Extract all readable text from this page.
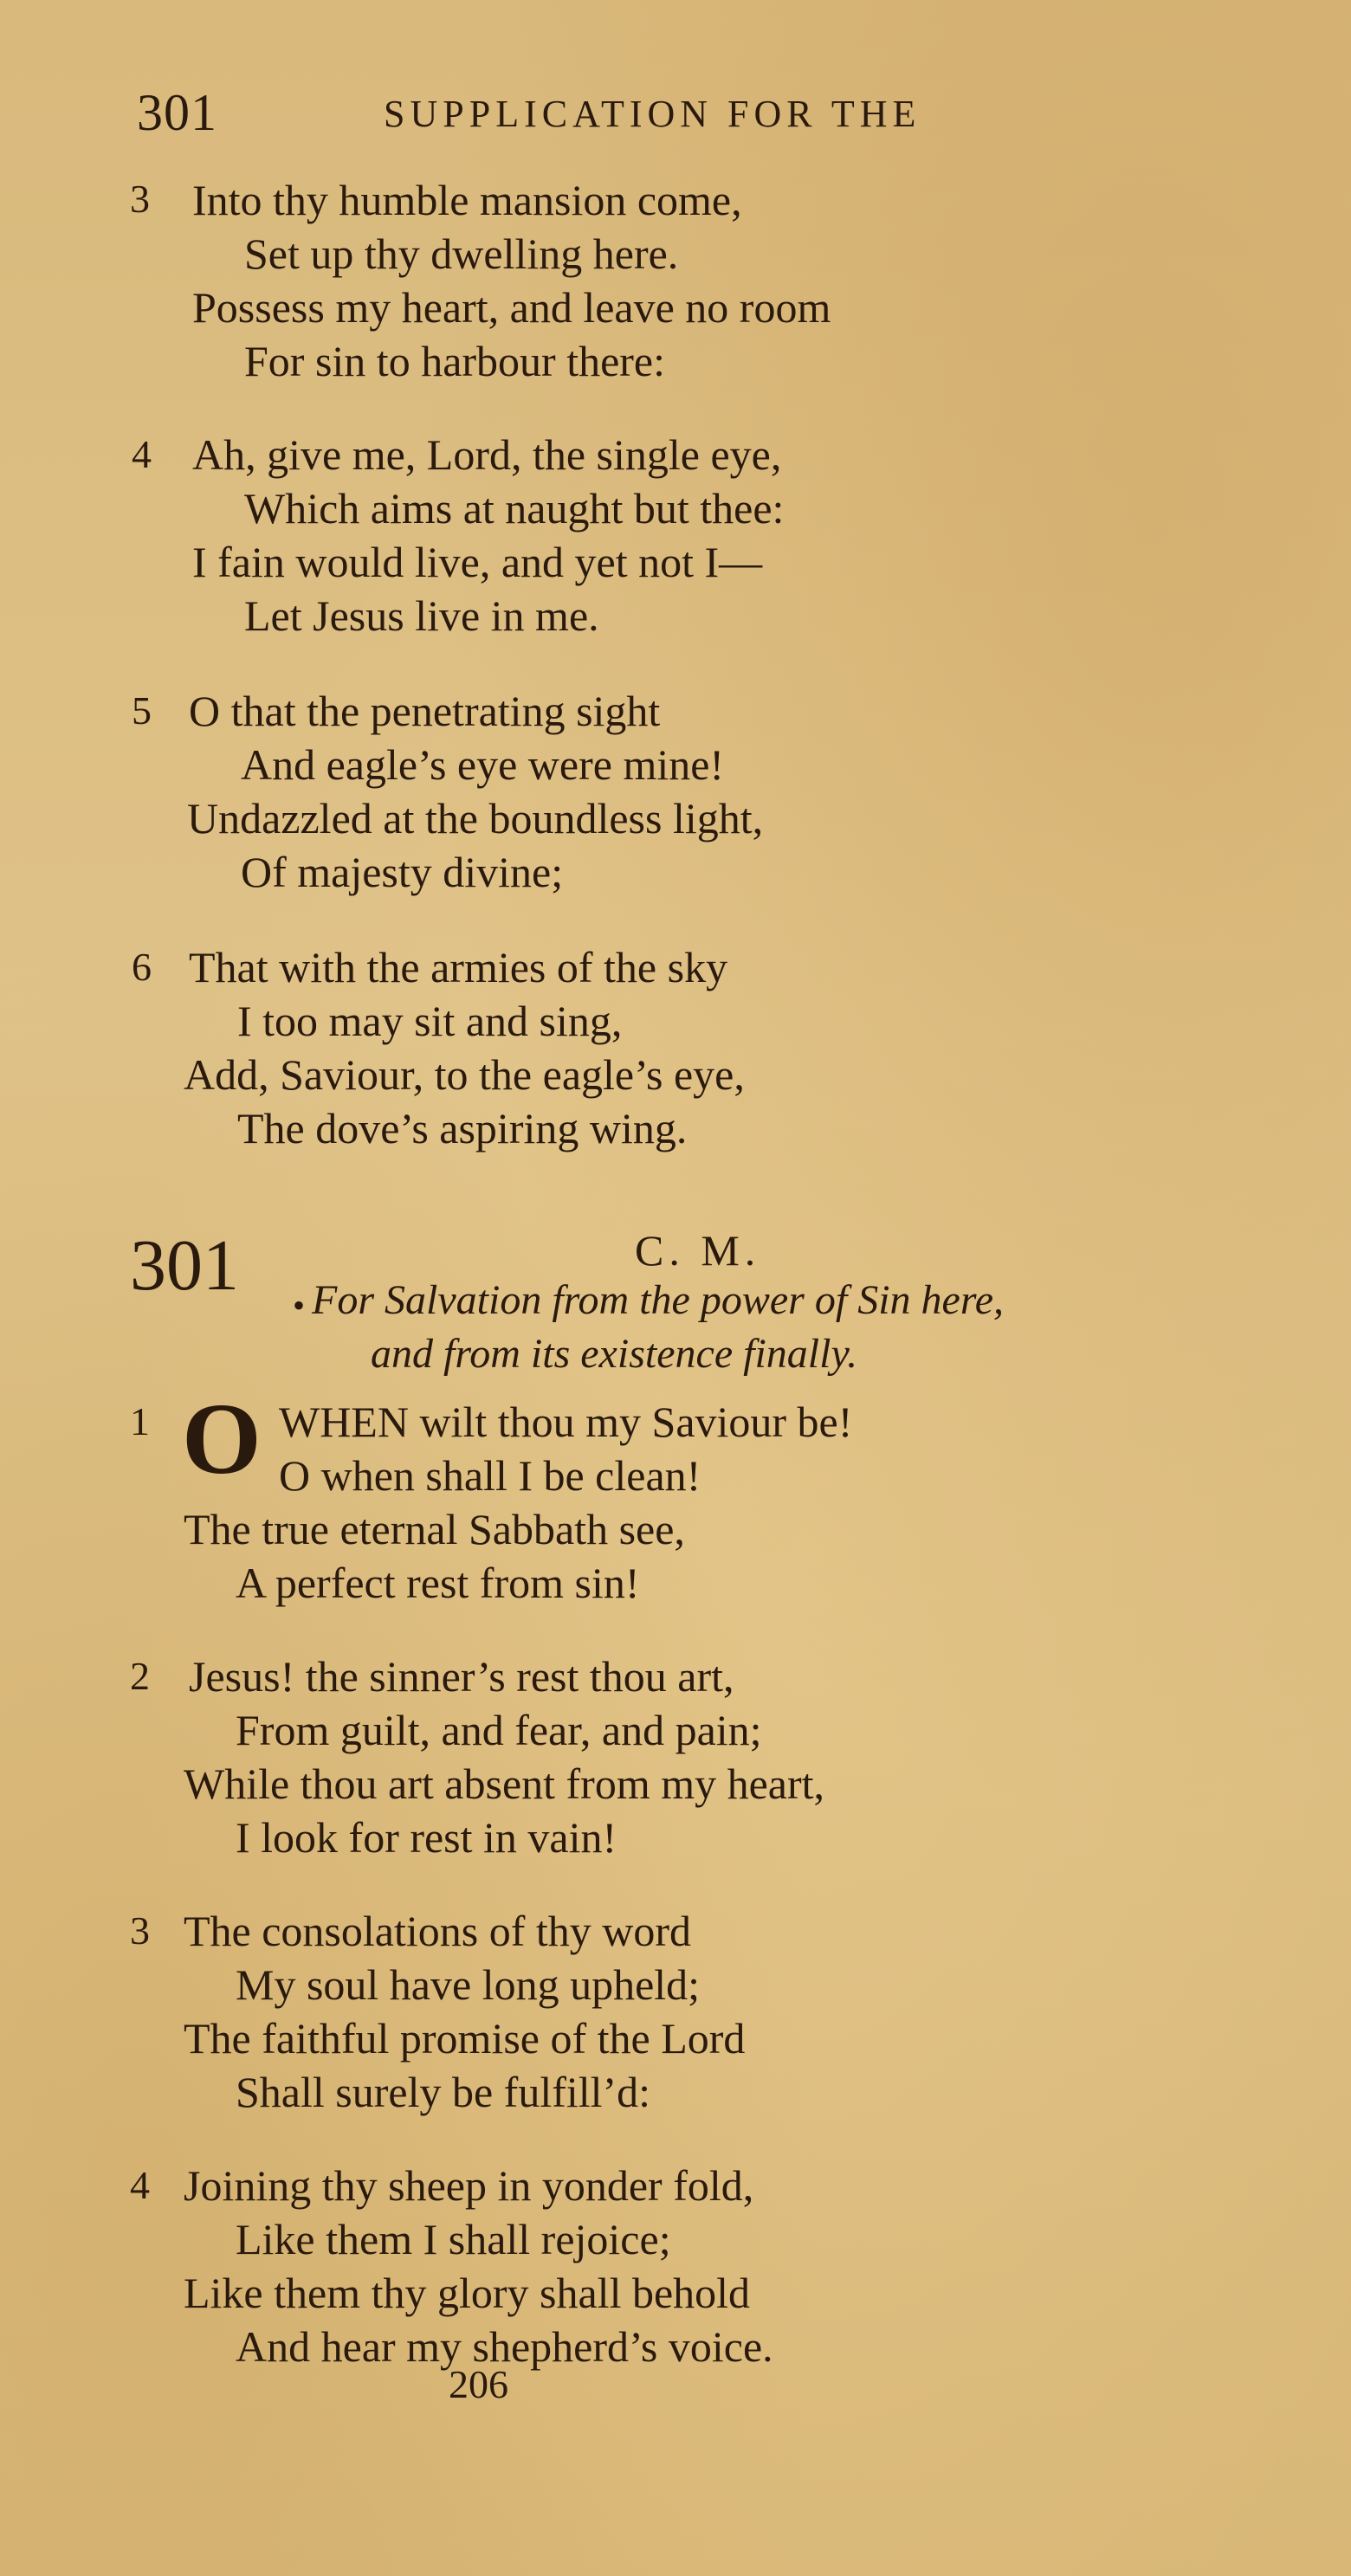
301	SUPPLICATION FOR THE
3 Into thy humble mansion come,
Set up thy dwelling here.
Possess my heart, and leave no room
For sin to harbour there:
4 Ah, give me, Lord, the single eye,
Which aims at naught but thee:
I fain would live, and yet not I—
Let Jesus live in me.
5 O that the penetrating sight
And eagle’s eye were mine!
Undazzled at the boundless light,
Of majesty divine;
6 That with the armies of the sky
I too may sit and sing,
Add, Saviour, to the eagle’s eye,
The dove’s aspiring wing.
301 •
C. M.
For Salvation from the power of Sin here,
and from its existence finally.
1 O WHEN wilt thou my Saviour be!
O when shall I be clean!
The true eternal Sabbath see,
A perfect rest from sin!
2 Jesus! the sinner’s rest thou art,
From guilt, and fear, and pain;
While thou art absent from my heart,
I look for rest in vain!
3 The consolations of thy word
My soul have long upheld;
The faithful promise of the Lord
Shall surely be fulfill’d:
4 Joining thy sheep in yonder fold,
Like them I shall rejoice;
Like them thy glory shall behold
And hear my shepherd’s voice.
206
